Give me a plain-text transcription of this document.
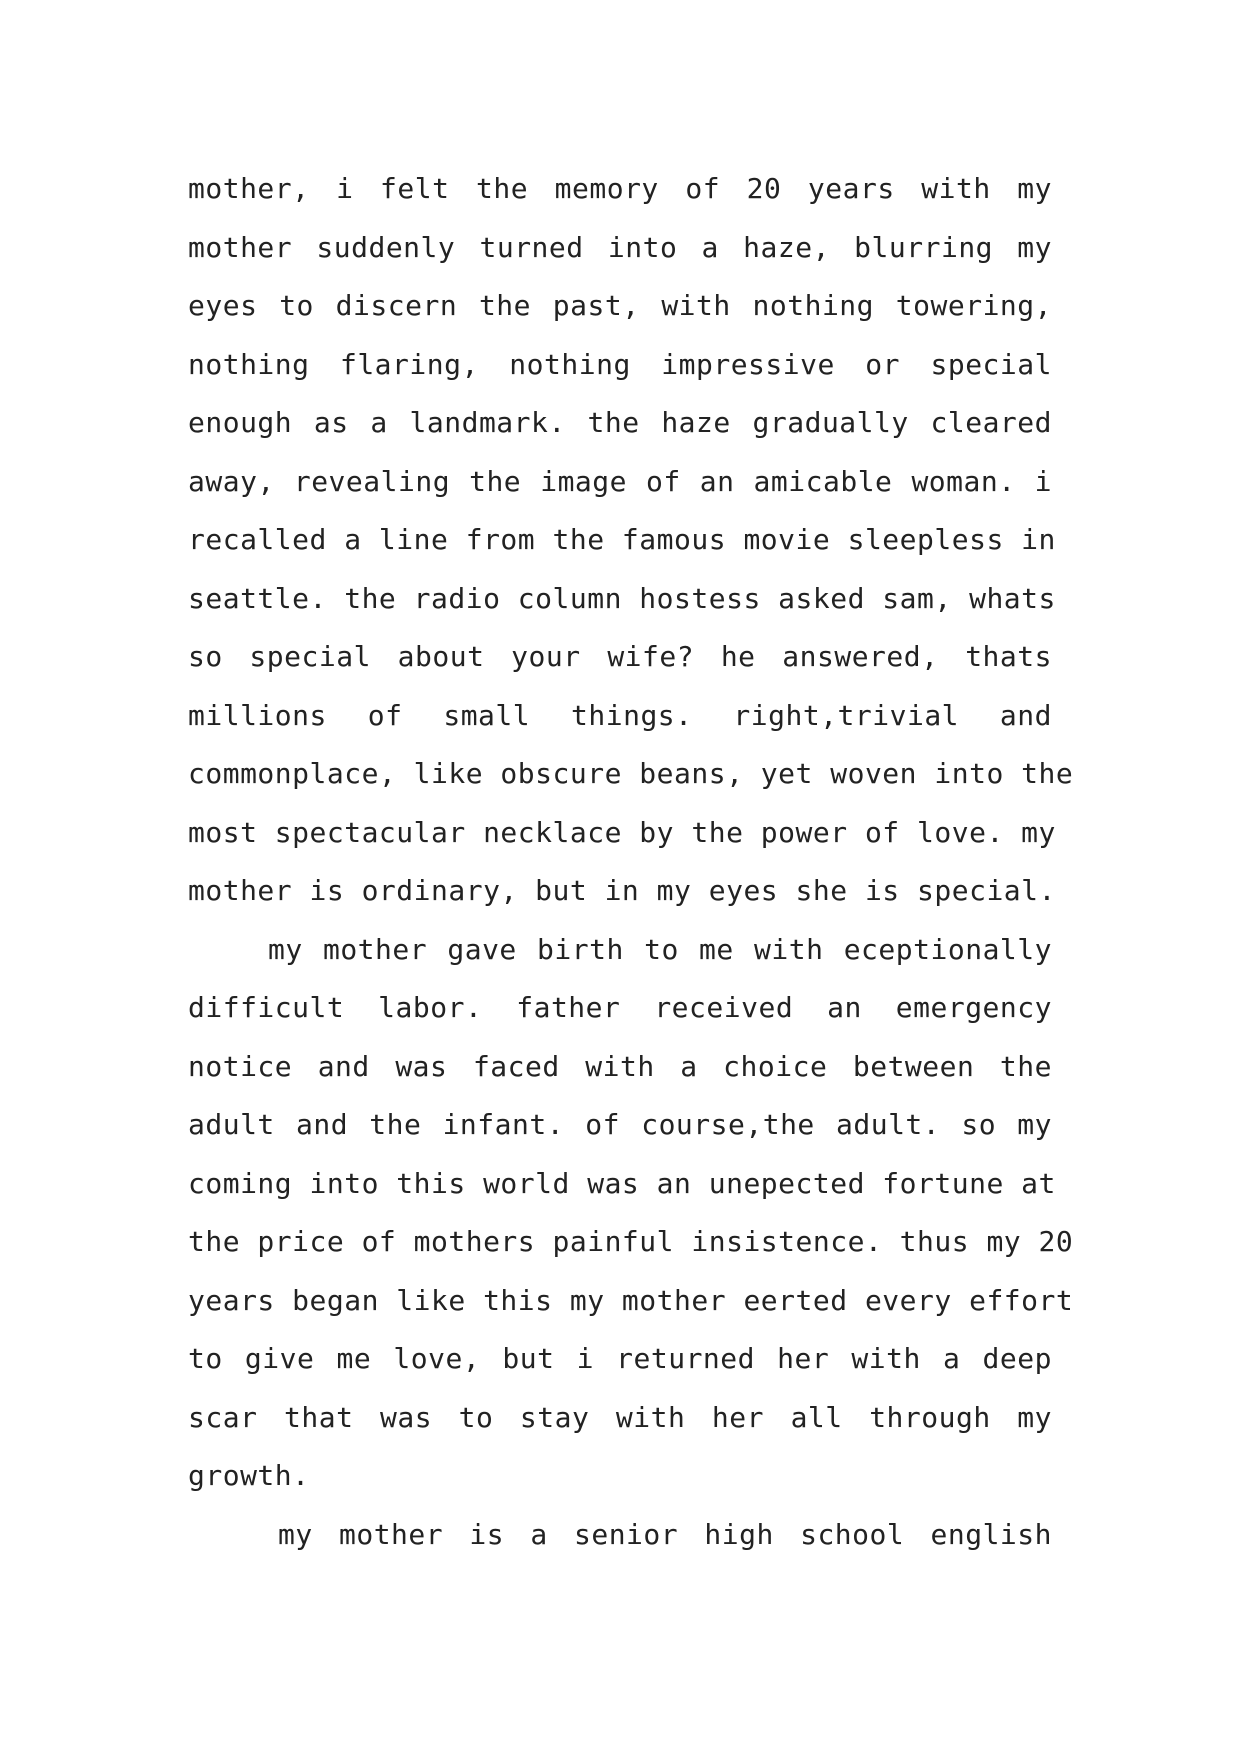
mother, i felt the memory of 20 years with my
mother suddenly turned into a haze, blurring my
eyes to discern the past, with nothing towering,
nothing flaring, nothing impressive or special
enough as a landmark. the haze gradually cleared
away, revealing the image of an amicable woman. i
recalled a line from the famous movie sleepless in
seattle. the radio column hostess asked sam, whats
so special about your wife? he answered, thats
millions of small things. right,trivial and
commonplace, like obscure beans, yet woven into the
most spectacular necklace by the power of love. my
mother is ordinary, but in my eyes she is special.
my mother gave birth to me with eceptionally
difficult labor. father received an emergency
notice and was faced with a choice between the
adult and the infant. of course,the adult. so my
coming into this world was an unepected fortune at
the price of mothers painful insistence. thus my 20
years began like this my mother eerted every effort
to give me love, but i returned her with a deep
scar that was to stay with her all through my
growth.
my mother is a senior high school english
